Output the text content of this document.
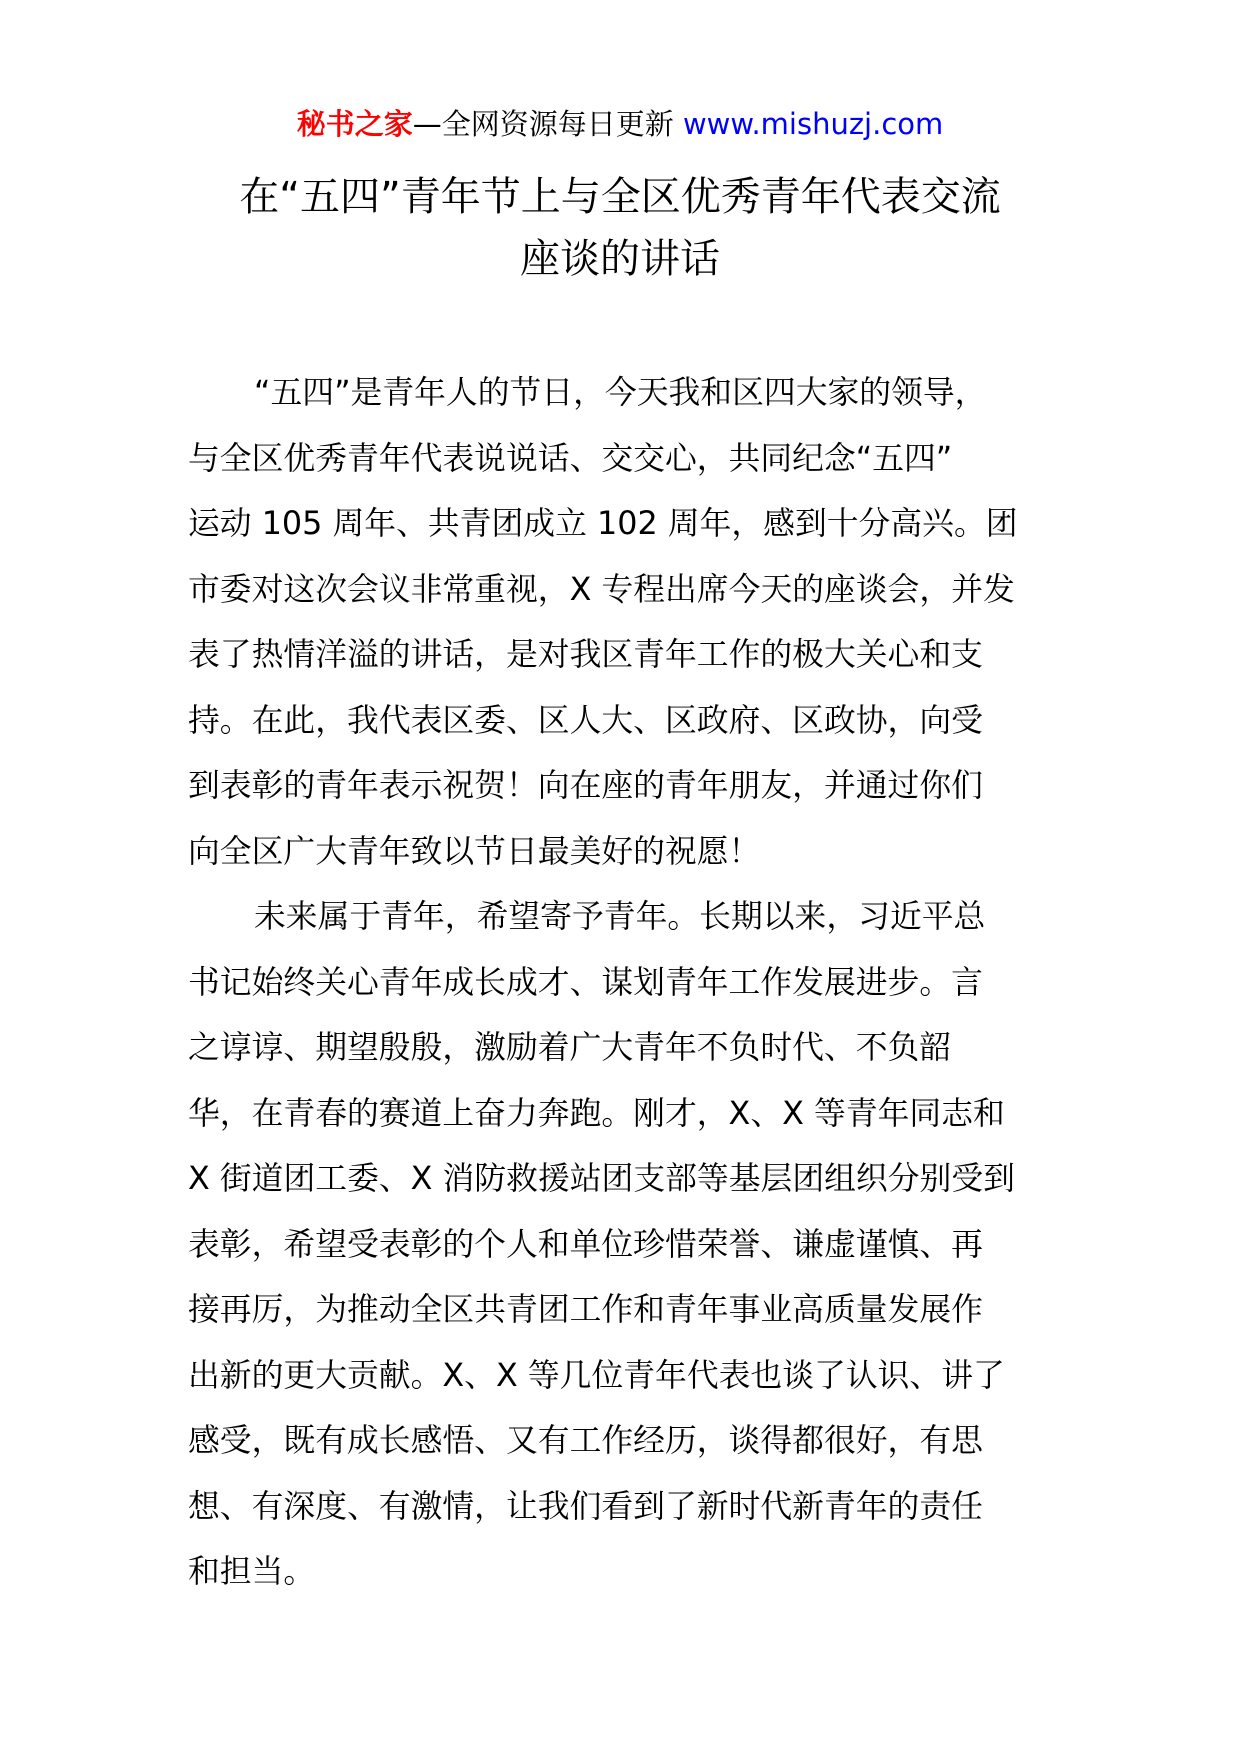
秘书之家—全网资源每日更新 www.mishuzj.com
在“五四”青年节上与全区优秀青年代表交流
座谈的讲话
“五四”是青年人的节日，今天我和区四大家的领导，
与全区优秀青年代表说说话、交交心，共同纪念“五四”
运动 105 周年、共青团成立 102 周年，感到十分高兴。团
市委对这次会议非常重视，X 专程出席今天的座谈会，并发
表了热情洋溢的讲话，是对我区青年工作的极大关心和支
持。在此，我代表区委、区人大、区政府、区政协，向受
到表彰的青年表示祝贺！向在座的青年朋友，并通过你们
向全区广大青年致以节日最美好的祝愿！
未来属于青年，希望寄予青年。长期以来，习近平总
书记始终关心青年成长成才、谋划青年工作发展进步。言
之谆谆、期望殷殷，激励着广大青年不负时代、不负韶
华，在青春的赛道上奋力奔跑。刚才，X、X 等青年同志和
X 街道团工委、X 消防救援站团支部等基层团组织分别受到
表彰，希望受表彰的个人和单位珍惜荣誉、谦虚谨慎、再
接再厉，为推动全区共青团工作和青年事业高质量发展作
出新的更大贡献。X、X 等几位青年代表也谈了认识、讲了
感受，既有成长感悟、又有工作经历，谈得都很好，有思
想、有深度、有激情，让我们看到了新时代新青年的责任
和担当。
